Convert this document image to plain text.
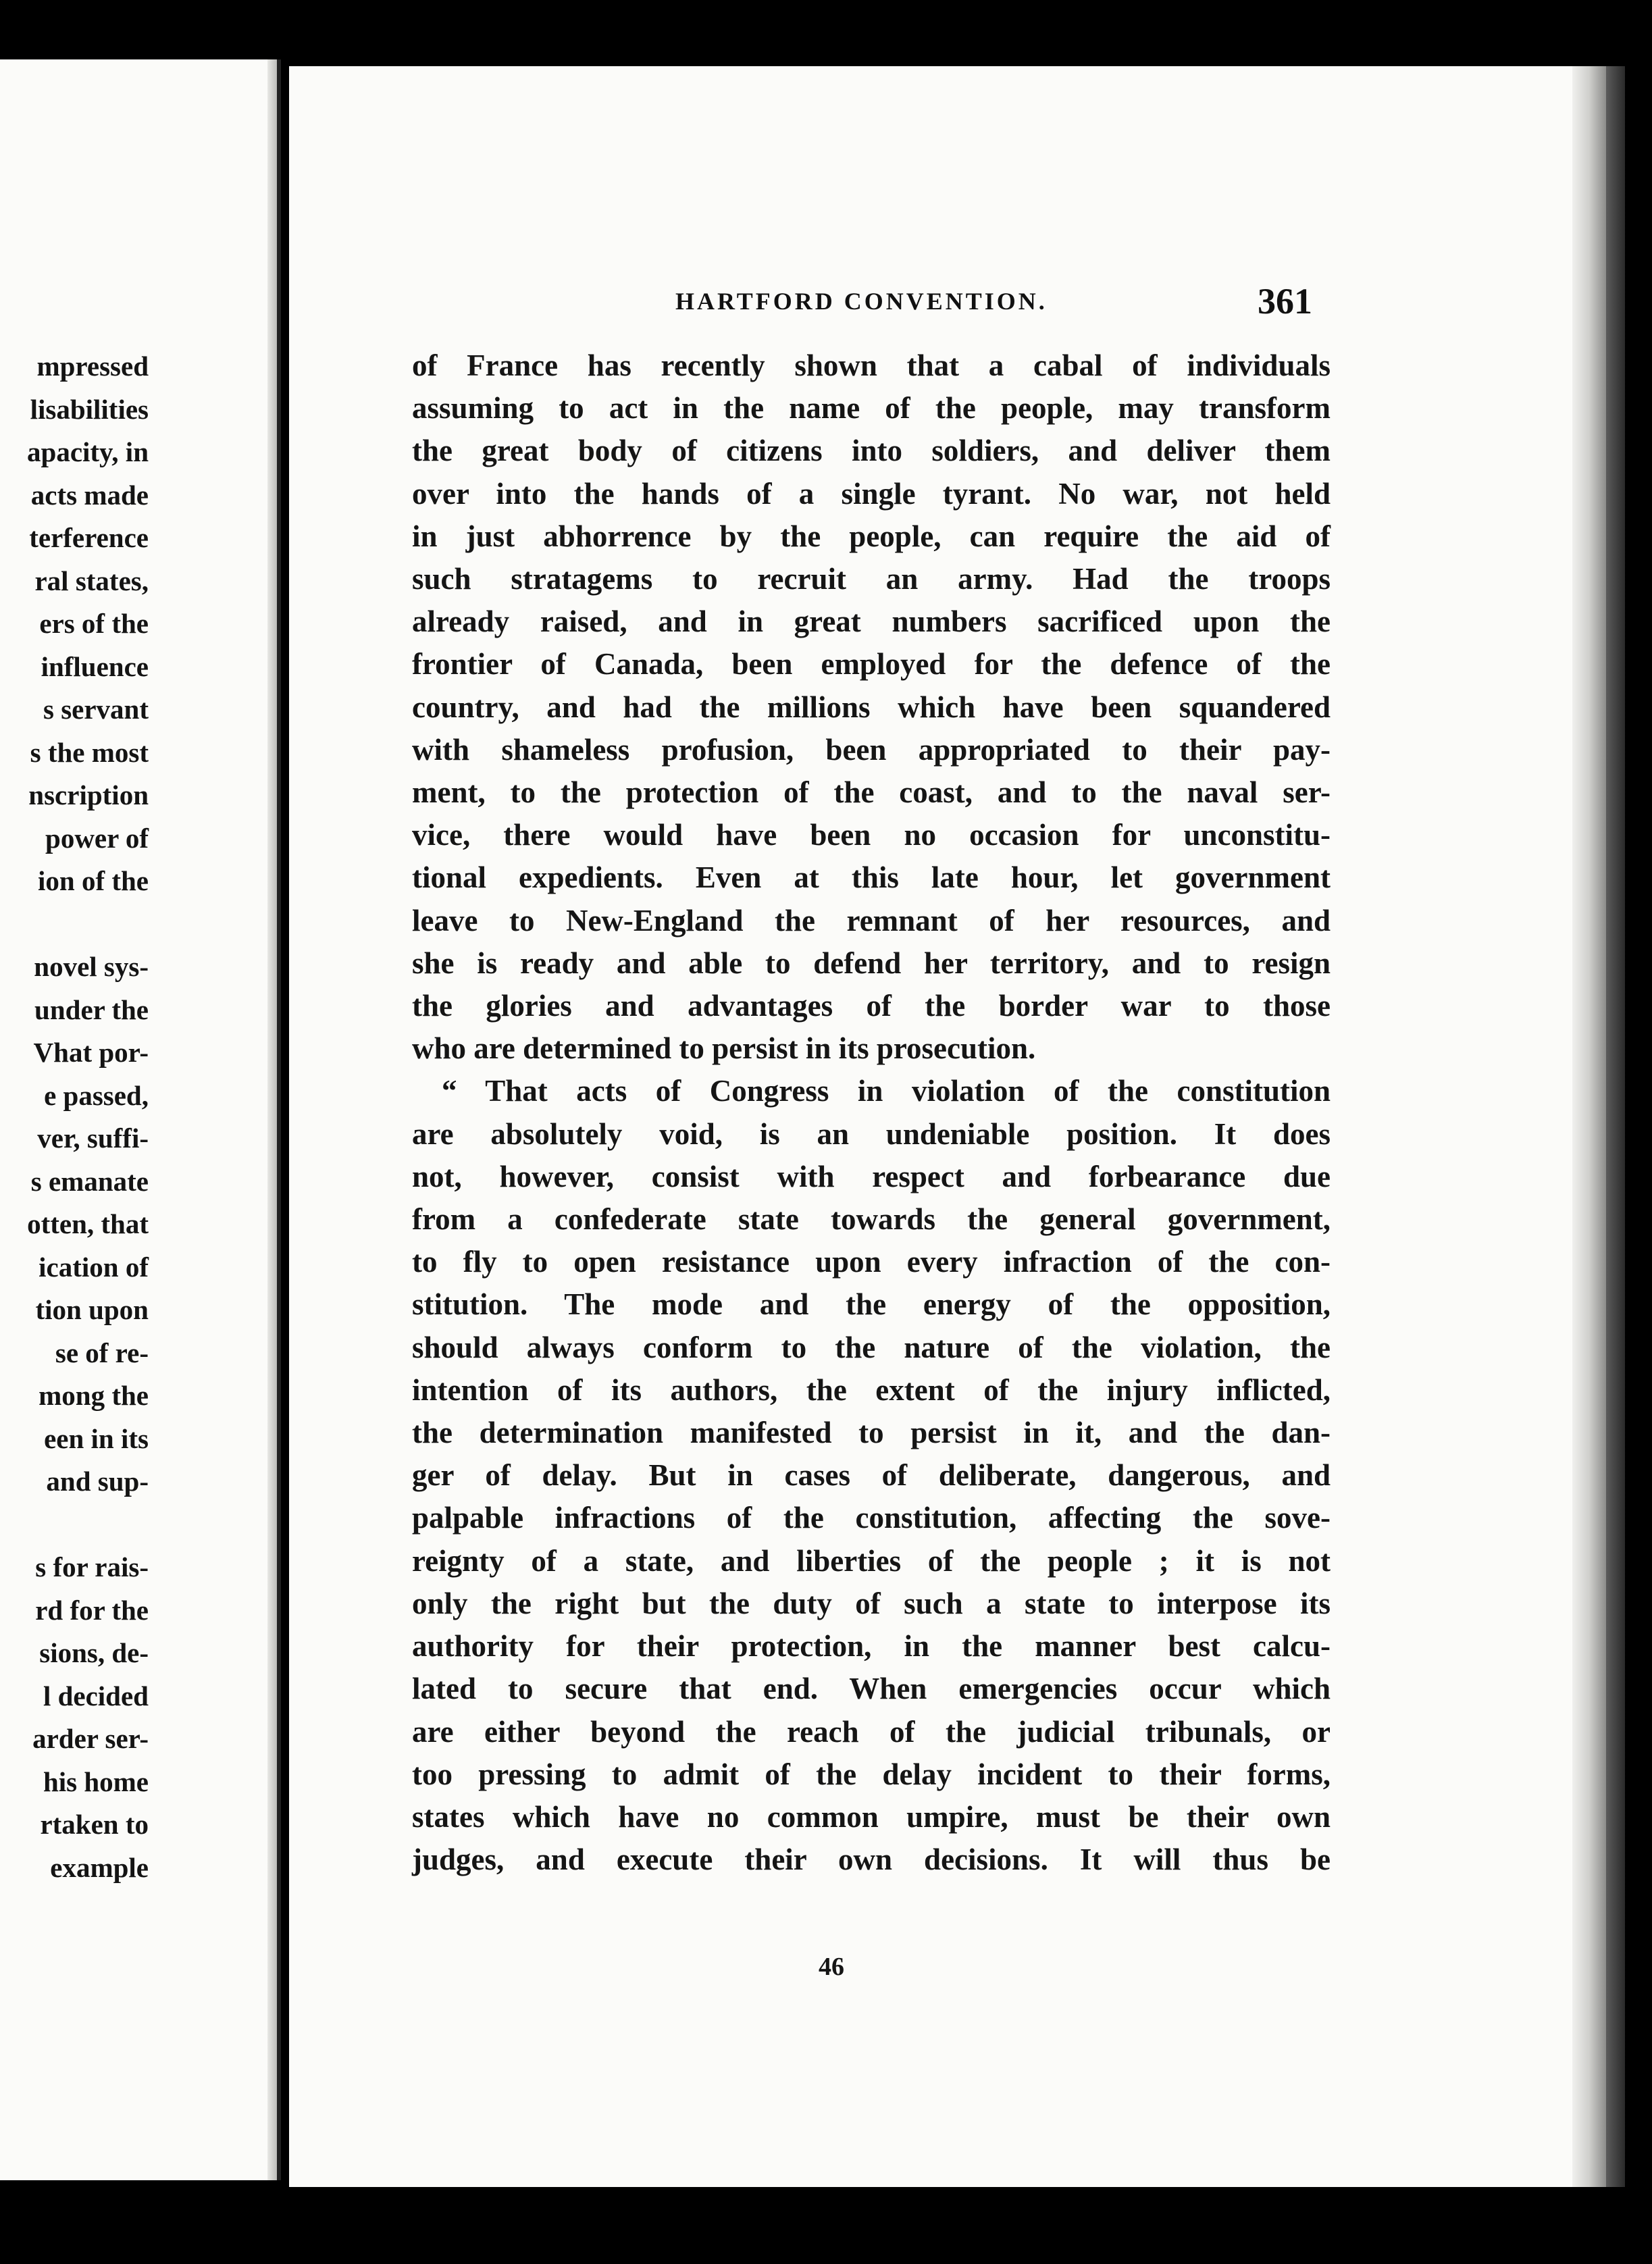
mpressed
lisabilities
apacity, in
acts made
terference
ral states,
ers of the
influence
s servant
s the most
nscription
power of
ion of the
novel sys-
under the
Vhat por-
e passed,
ver, suffi-
s emanate
otten, that
ication of
tion upon
se of re-
mong the
een in its
and sup-
s for rais-
rd for the
sions, de-
l decided
arder ser-
his home
rtaken to
example
HARTFORD CONVENTION.	361
of France has recently shown that a cabal of individuals
assuming to act in the name of the people, may transform
the great body of citizens into soldiers, and deliver them
over into the hands of a single tyrant. No war, not held
in just abhorrence by the people, can require the aid of
such stratagems to recruit an army. Had the troops
already raised, and in great numbers sacrificed upon the
frontier of Canada, been employed for the defence of the
country, and had the millions which have been squandered
with shameless profusion, been appropriated to their pay-
ment, to the protection of the coast, and to the naval ser-
vice, there would have been no occasion for unconstitu-
tional expedients. Even at this late hour, let government
leave to New-England the remnant of her resources, and
she is ready and able to defend her territory, and to resign
the glories and advantages of the border war to those
who are determined to persist in its prosecution.
“ That acts of Congress in violation of the constitution
are absolutely void, is an undeniable position. It does
not, however, consist with respect and forbearance due
from a confederate state towards the general government,
to fly to open resistance upon every infraction of the con-
stitution. The mode and the energy of the opposition,
should always conform to the nature of the violation, the
intention of its authors, the extent of the injury inflicted,
the determination manifested to persist in it, and the dan-
ger of delay. But in cases of deliberate, dangerous, and
palpable infractions of the constitution, affecting the sove-
reignty of a state, and liberties of the people ; it is not
only the right but the duty of such a state to interpose its
authority for their protection, in the manner best calcu-
lated to secure that end. When emergencies occur which
are either beyond the reach of the judicial tribunals, or
too pressing to admit of the delay incident to their forms,
states which have no common umpire, must be their own
judges, and execute their own decisions. It will thus be
46
